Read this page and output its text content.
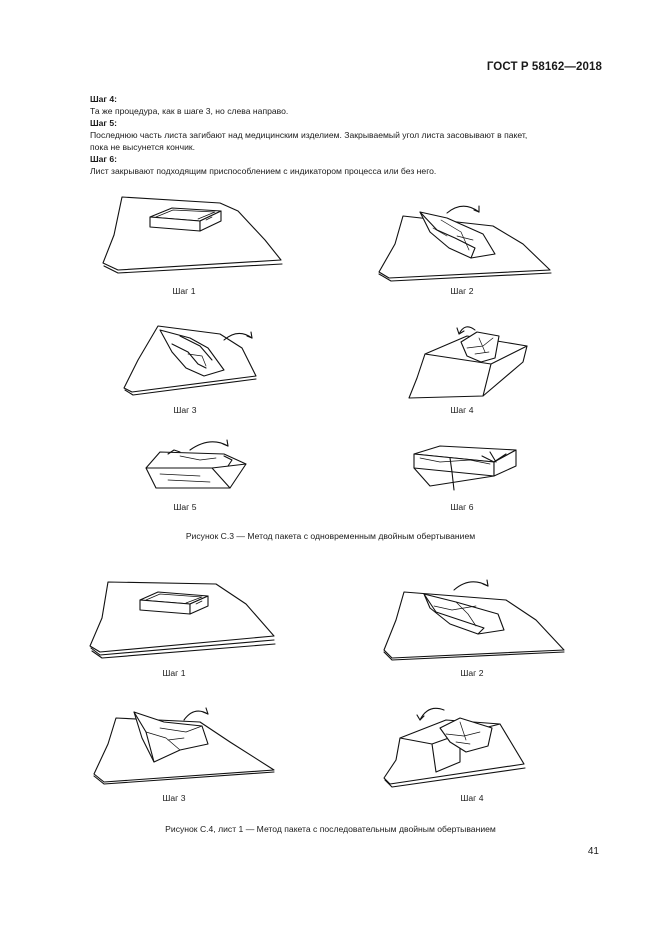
ГОСТ Р 58162—2018
Шаг 4:
Та же процедура, как в шаге 3, но слева направо.
Шаг 5:
Последнюю часть листа загибают над медицинским изделием. Закрываемый угол листа засовывают в пакет,
пока не высунется кончик.
Шаг 6:
Лист закрывают подходящим приспособлением с индикатором процесса или без него.
Шаг 1	Шаг 2
Шаг 3	Шаг 4
Шаг 5	Шаг 6
Рисунок С.3 — Метод пакета с одновременным двойным обертыванием
Шаг 1	Шаг 2
Шаг 3	Шаг 4
Рисунок С.4, лист 1 — Метод пакета с последовательным двойным обертыванием
41
